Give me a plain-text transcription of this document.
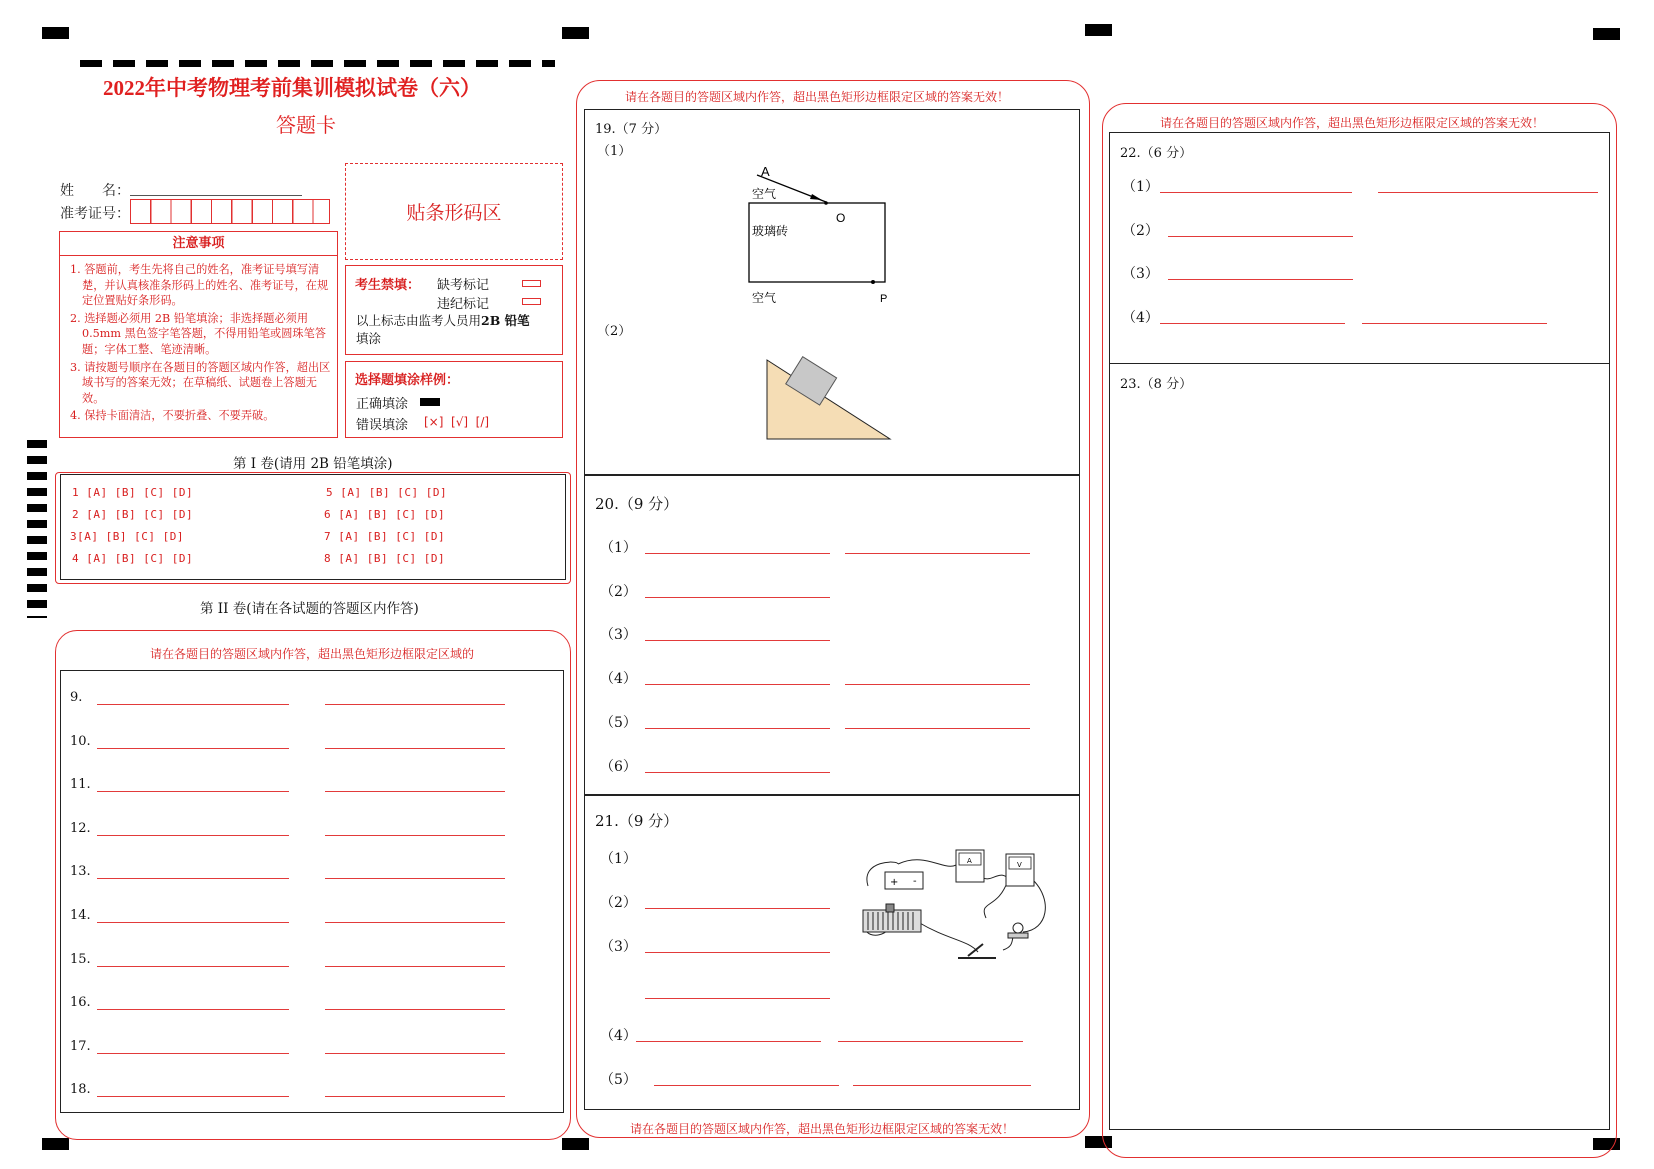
2022年中考物理考前集训模拟试卷（六）
答题卡
姓　　名：
准考证号：	贴条形码区
注意事项
1. 答题前，考生先将自己的姓名，准考证号填写清楚，并认真核准条形码上的姓名、准考证号，在规定位置贴好条形码。
2. 选择题必须用 2B 铅笔填涂；非选择题必须用 0.5mm 黑色签字笔答题，不得用铅笔或圆珠笔答题；字体工整、笔迹清晰。
3. 请按题号顺序在各题目的答题区域内作答，超出区域书写的答案无效；在草稿纸、试题卷上答题无效。
4. 保持卡面清洁，不要折叠、不要弄破。
考生禁填： 缺考标记
违纪标记
以上标志由监考人员用2B 铅笔
填涂
选择题填涂样例：
正确填涂
错误填涂 [×]  [√]  [/]
第 I 卷(请用 2B 铅笔填涂)
1 [A] [B] [C] [D]
2 [A] [B] [C] [D]
3[A] [B] [C] [D]
4 [A] [B] [C] [D]
5 [A] [B] [C] [D]
6 [A] [B] [C] [D]
7 [A] [B] [C] [D]
8 [A] [B] [C] [D]
第 II 卷(请在各试题的答题区内作答)
请在各题目的答题区域内作答，超出黑色矩形边框限定区域的
9.
10.
11.
12.
13.
14.
15.
16.
17.
18.
请在各题目的答题区域内作答，超出黑色矩形边框限定区域的答案无效！
请在各题目的答题区域内作答，超出黑色矩形边框限定区域的答案无效！
19.（7 分）
（1）
（2）
A
空气
O
玻璃砖
空气	P
20.（9 分）
（1）
（2）
（3）
（4）
（5）
（6）
21.（9 分）
（1）
（2）
（3）
（4）
（5）
+ -
A	V
请在各题目的答题区域内作答，超出黑色矩形边框限定区域的答案无效！
22.（6 分）
（1）
（2）
（3）
（4）
23.（8 分）
